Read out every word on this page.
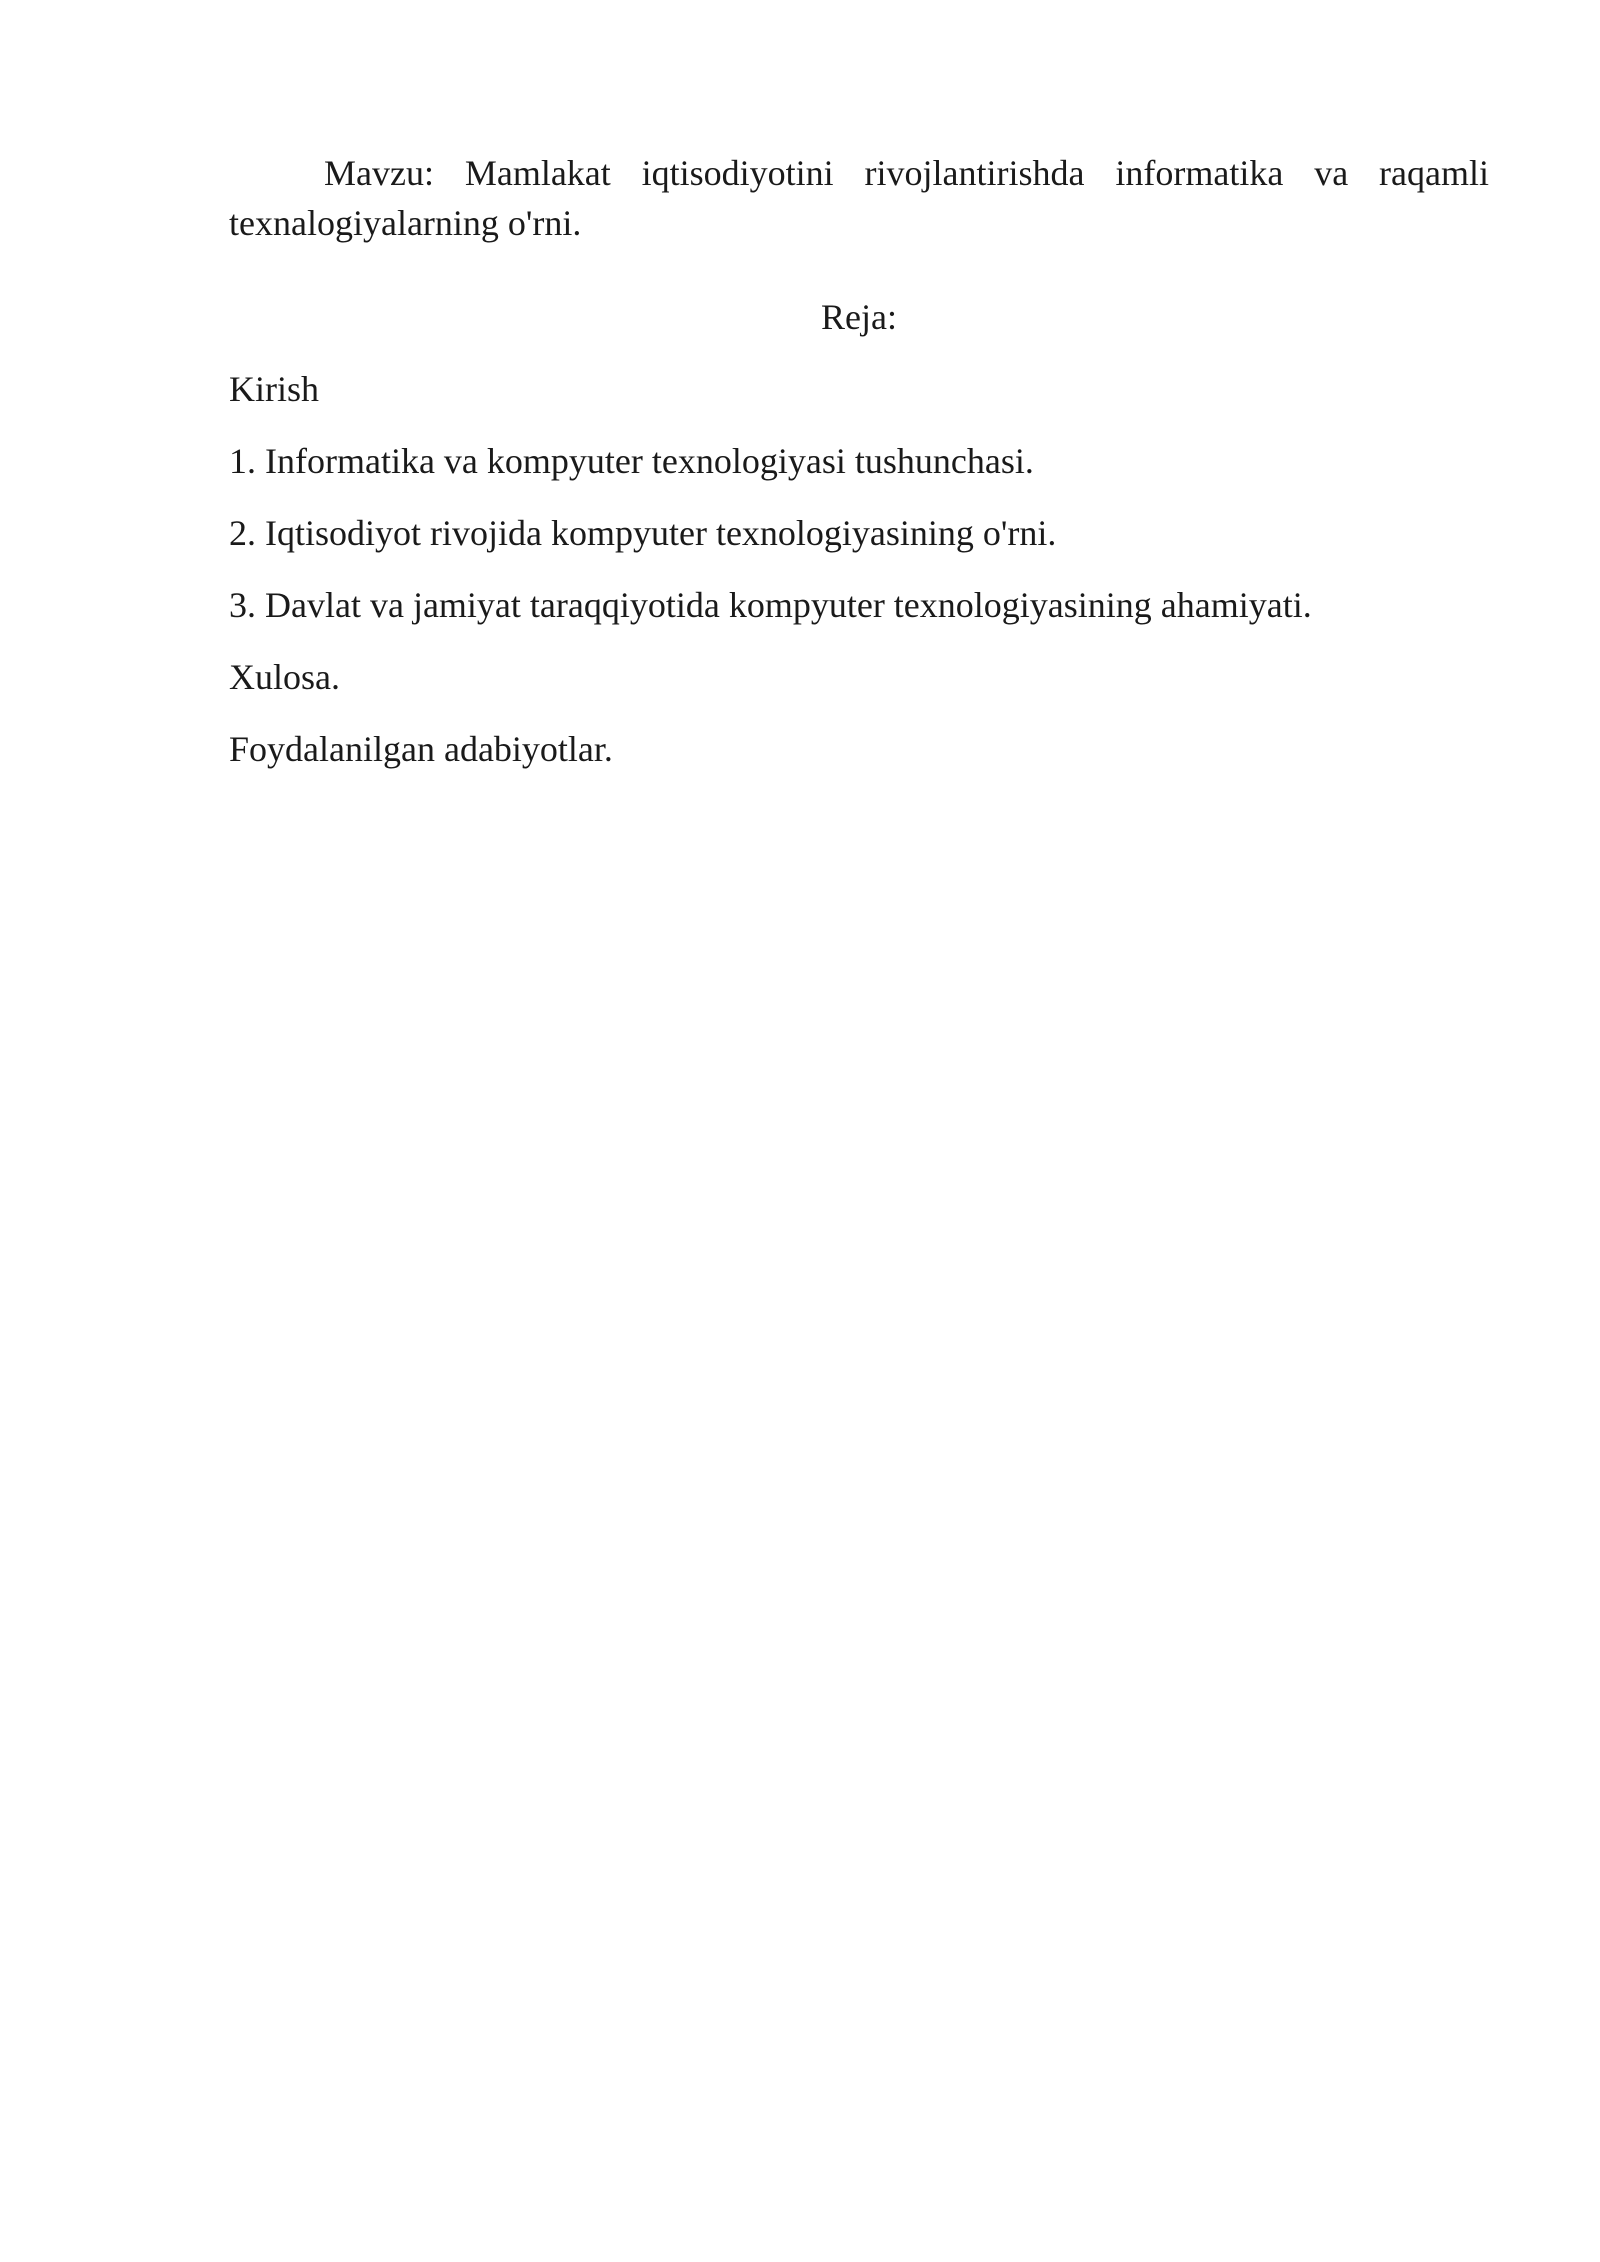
Mavzu: Mamlakat iqtisodiyotini rivojlantirishda informatika va raqamli texnalogiyalarning o'rni.

Reja:

Kirish
1. Informatika va kompyuter texnologiyasi tushunchasi.
2. Iqtisodiyot rivojida kompyuter texnologiyasining o'rni.
3. Davlat va jamiyat taraqqiyotida kompyuter texnologiyasining ahamiyati.
Xulosa.
Foydalanilgan adabiyotlar.
